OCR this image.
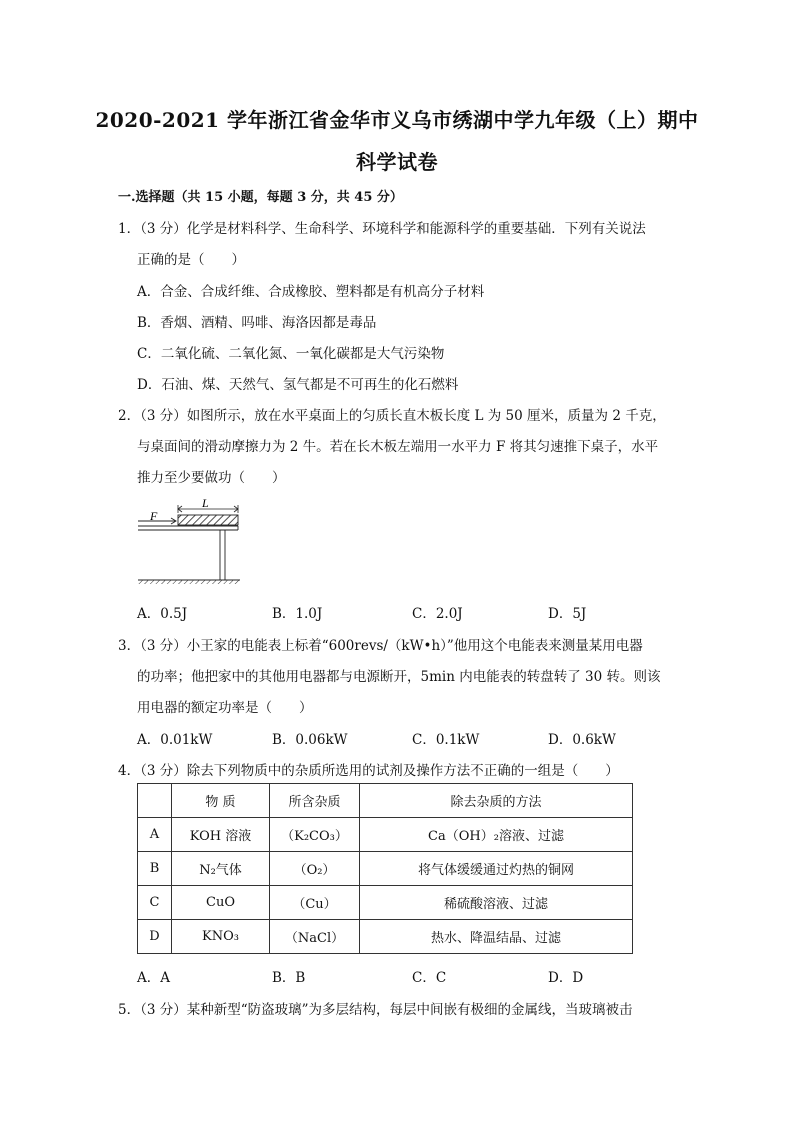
2020-2021 学年浙江省金华市义乌市绣湖中学九年级（上）期中
科学试卷
一.选择题（共 15 小题，每题 3 分，共 45 分）
1．（3 分）化学是材料科学、生命科学、环境科学和能源科学的重要基础．下列有关说法
正确的是（　　）
A．合金、合成纤维、合成橡胶、塑料都是有机高分子材料
B．香烟、酒精、吗啡、海洛因都是毒品
C．二氧化硫、二氧化氮、一氧化碳都是大气污染物
D．石油、煤、天然气、氢气都是不可再生的化石燃料
2．（3 分）如图所示，放在水平桌面上的匀质长直木板长度 L 为 50 厘米，质量为 2 千克，
与桌面间的滑动摩擦力为 2 牛。若在长木板左端用一水平力 F 将其匀速推下桌子，水平
推力至少要做功（　　）
L
F
A．0.5J	B．1.0J	C．2.0J	D．5J
3．（3 分）小王家的电能表上标着“600revs/（kW•h）”他用这个电能表来测量某用电器
的功率；他把家中的其他用电器都与电源断开，5min 内电能表的转盘转了 30 转。则该
用电器的额定功率是（　　）
A．0.01kW	B．0.06kW	C．0.1kW	D．0.6kW
4．（3 分）除去下列物质中的杂质所选用的试剂及操作方法不正确的一组是（　　）
	物 质	所含杂质	除去杂质的方法
A	KOH 溶液	（K₂CO₃）	Ca（OH）₂溶液、过滤
B	N₂气体	（O₂）	将气体缓缓通过灼热的铜网
C	CuO	（Cu）	稀硫酸溶液、过滤
D	KNO₃	（NaCl）	热水、降温结晶、过滤
A．A	B．B	C．C	D．D
5．（3 分）某种新型“防盗玻璃”为多层结构，每层中间嵌有极细的金属线，当玻璃被击
